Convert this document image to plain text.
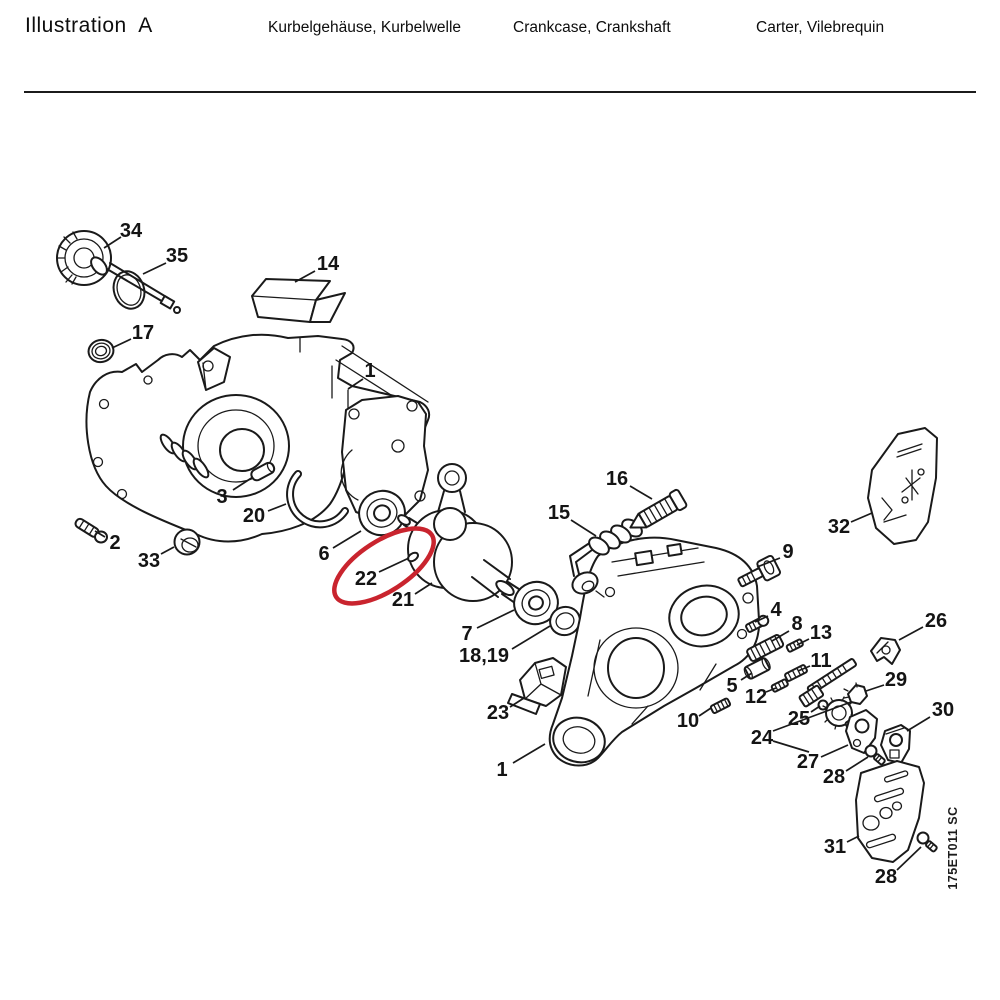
Illustration  A	Kurbelgehäuse, Kurbelwelle	Crankcase, Crankshaft	Carter, Vilebrequin
34
35
17
14
1
3
20
2
33	6
22
21
7
18,19
15
16
9
4
8 13
11
5 12
10
26
29
25
24
30
27
28
32
31
28
23
1
175ET011 SC
